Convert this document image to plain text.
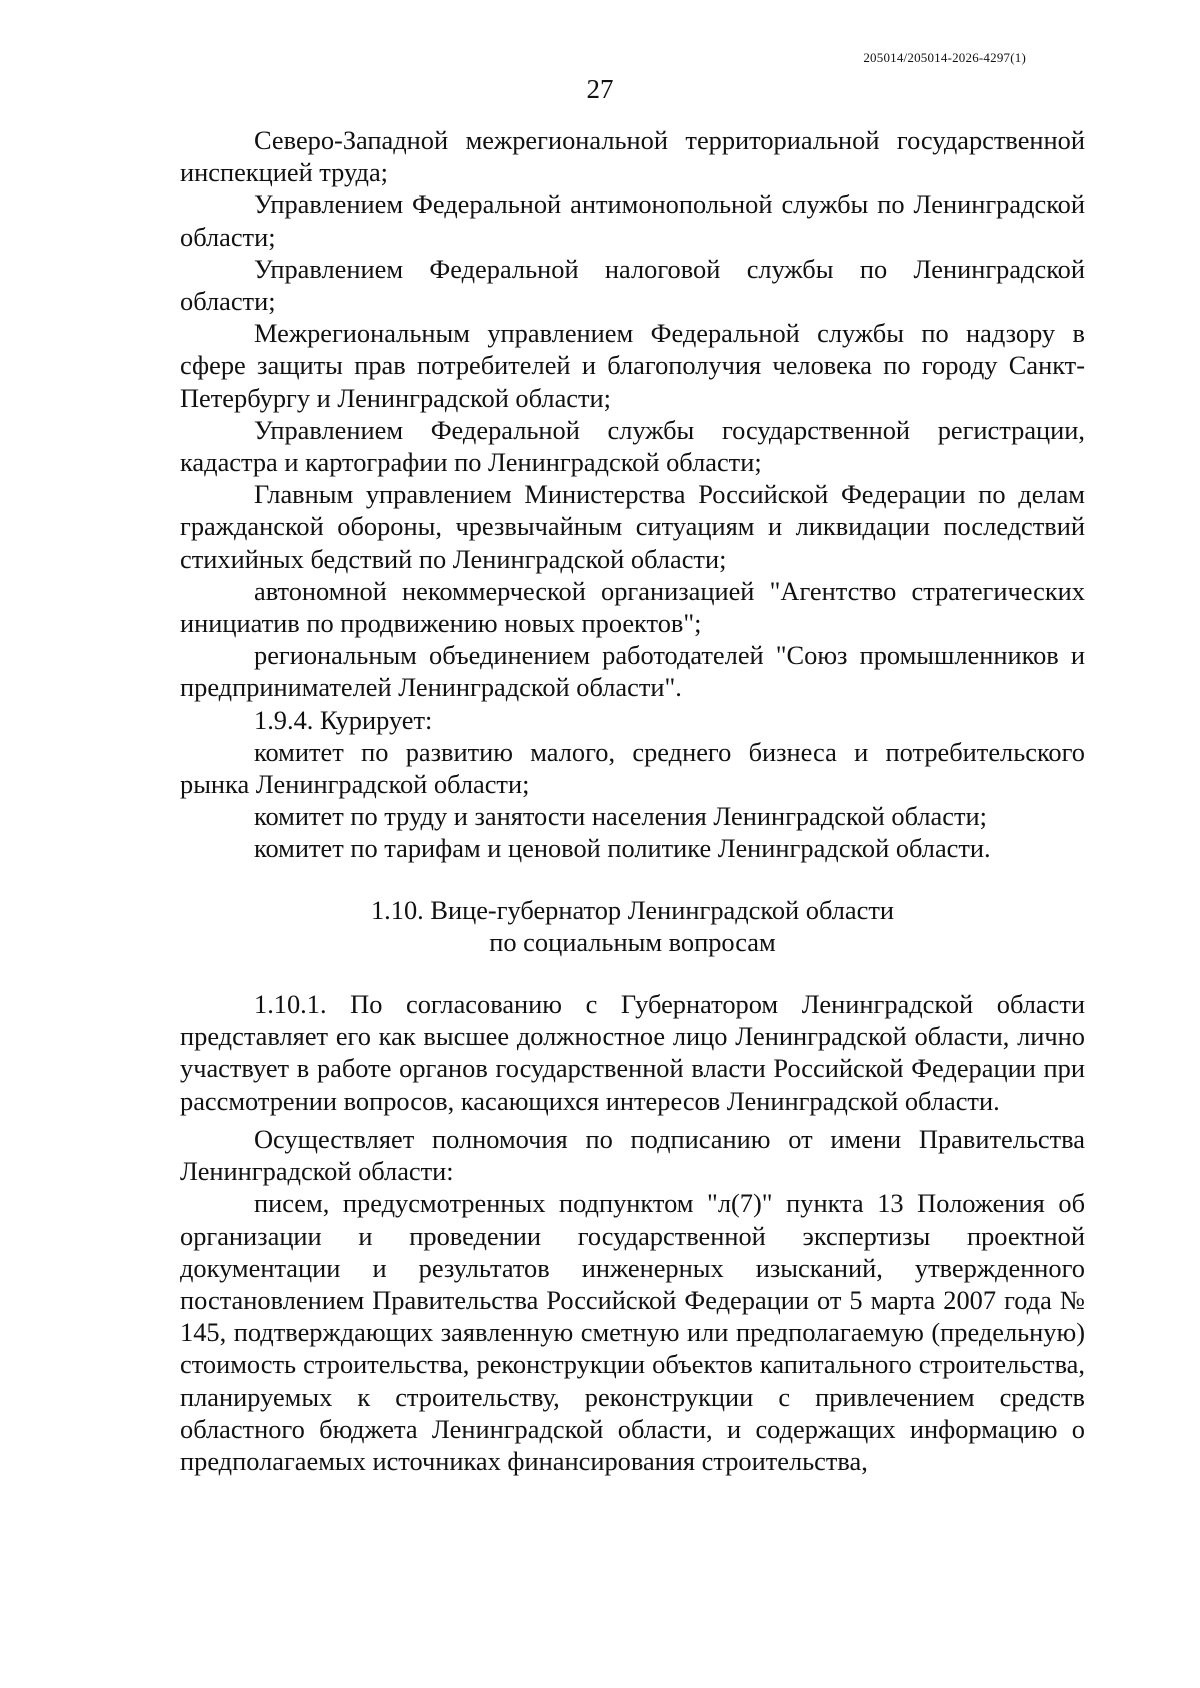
205014/205014-2026-4297(1)
27

Северо-Западной межрегиональной территориальной государственной инспекцией труда;

Управлением Федеральной антимонопольной службы по Ленинградской области;

Управлением Федеральной налоговой службы по Ленинградской области;

Межрегиональным управлением Федеральной службы по надзору в сфере защиты прав потребителей и благополучия человека по городу Санкт-Петербургу и Ленинградской области;

Управлением Федеральной службы государственной регистрации, кадастра и картографии по Ленинградской области;

Главным управлением Министерства Российской Федерации по делам гражданской обороны, чрезвычайным ситуациям и ликвидации последствий стихийных бедствий по Ленинградской области;

автономной некоммерческой организацией "Агентство стратегических инициатив по продвижению новых проектов";

региональным объединением работодателей "Союз промышленников и предпринимателей Ленинградской области".

1.9.4. Курирует:

комитет по развитию малого, среднего бизнеса и потребительского рынка Ленинградской области;

комитет по труду и занятости населения Ленинградской области;

комитет по тарифам и ценовой политике Ленинградской области.

1.10. Вице-губернатор Ленинградской области
по социальным вопросам

1.10.1. По согласованию с Губернатором Ленинградской области представляет его как высшее должностное лицо Ленинградской области, лично участвует в работе органов государственной власти Российской Федерации при рассмотрении вопросов, касающихся интересов Ленинградской области.

Осуществляет полномочия по подписанию от имени Правительства Ленинградской области:

писем, предусмотренных подпунктом "л(7)" пункта 13 Положения об организации и проведении государственной экспертизы проектной документации и результатов инженерных изысканий, утвержденного постановлением Правительства Российской Федерации от 5 марта 2007 года № 145, подтверждающих заявленную сметную или предполагаемую (предельную) стоимость строительства, реконструкции объектов капитального строительства, планируемых к строительству, реконструкции с привлечением средств областного бюджета Ленинградской области, и содержащих информацию о предполагаемых источниках финансирования строительства,
